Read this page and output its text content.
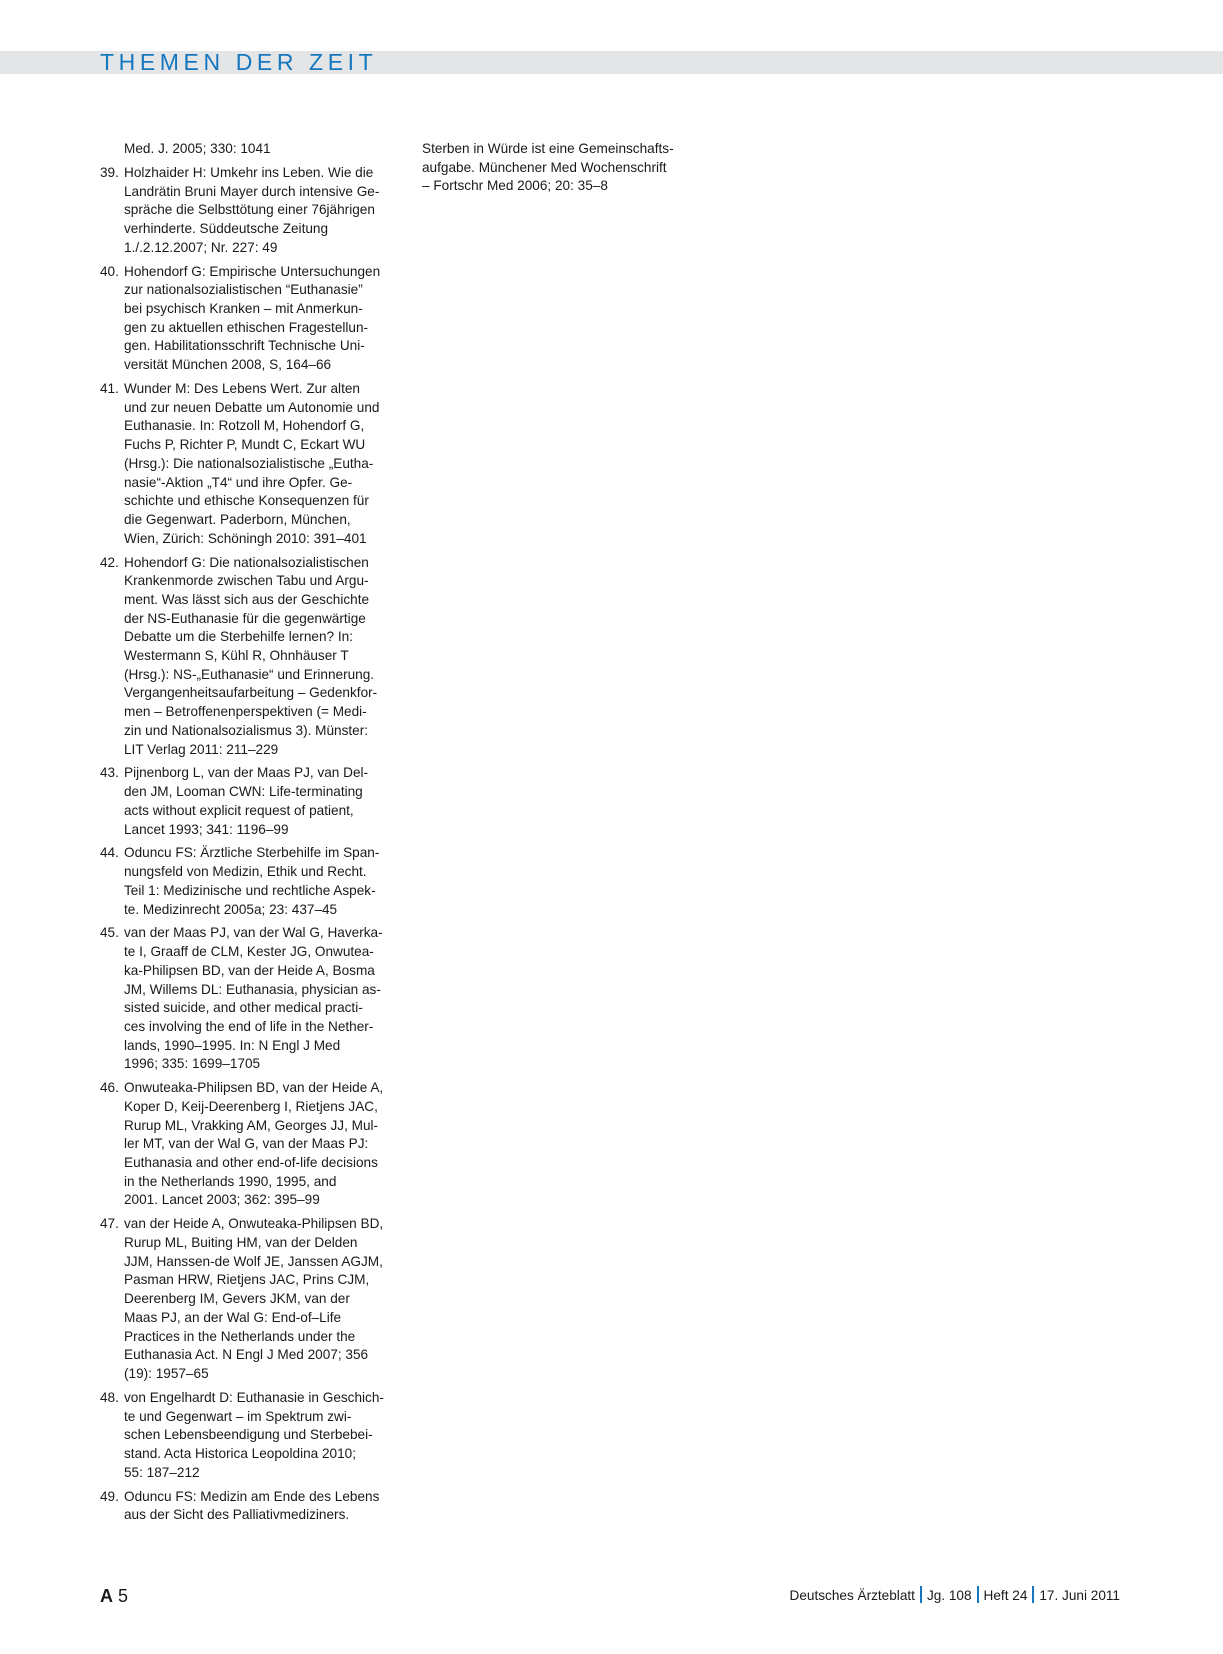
THEMEN DER ZEIT
Med. J. 2005; 330: 1041
39. Holzhaider H: Umkehr ins Leben. Wie die
Landrätin Bruni Mayer durch intensive Ge-
spräche die Selbsttötung einer 76jährigen
verhinderte. Süddeutsche Zeitung
1./.2.12.2007; Nr. 227: 49
40. Hohendorf G: Empirische Untersuchungen
zur nationalsozialistischen “Euthanasie”
bei psychisch Kranken – mit Anmerkun-
gen zu aktuellen ethischen Fragestellun-
gen. Habilitationsschrift Technische Uni-
versität München 2008, S, 164–66
41. Wunder M: Des Lebens Wert. Zur alten
und zur neuen Debatte um Autonomie und
Euthanasie. In: Rotzoll M, Hohendorf G,
Fuchs P, Richter P, Mundt C, Eckart WU
(Hrsg.): Die nationalsozialistische „Eutha-
nasie“-Aktion „T4“ und ihre Opfer. Ge-
schichte und ethische Konsequenzen für
die Gegenwart. Paderborn, München,
Wien, Zürich: Schöningh 2010: 391–401
42. Hohendorf G: Die nationalsozialistischen
Krankenmorde zwischen Tabu und Argu-
ment. Was lässt sich aus der Geschichte
der NS-Euthanasie für die gegenwärtige
Debatte um die Sterbehilfe lernen? In:
Westermann S, Kühl R, Ohnhäuser T
(Hrsg.): NS-„Euthanasie“ und Erinnerung.
Vergangenheitsaufarbeitung – Gedenkfor-
men – Betroffenenperspektiven (= Medi-
zin und Nationalsozialismus 3). Münster:
LIT Verlag 2011: 211–229
43. Pijnenborg L, van der Maas PJ, van Del-
den JM, Looman CWN: Life-terminating
acts without explicit request of patient,
Lancet 1993; 341: 1196–99
44. Oduncu FS: Ärztliche Sterbehilfe im Span-
nungsfeld von Medizin, Ethik und Recht.
Teil 1: Medizinische und rechtliche Aspek-
te. Medizinrecht 2005a; 23: 437–45
45. van der Maas PJ, van der Wal G, Haverka-
te I, Graaff de CLM, Kester JG, Onwutea-
ka-Philipsen BD, van der Heide A, Bosma
JM, Willems DL: Euthanasia, physician as-
sisted suicide, and other medical practi-
ces involving the end of life in the Nether-
lands, 1990–1995. In: N Engl J Med
1996; 335: 1699–1705
46. Onwuteaka-Philipsen BD, van der Heide A,
Koper D, Keij-Deerenberg I, Rietjens JAC,
Rurup ML, Vrakking AM, Georges JJ, Mul-
ler MT, van der Wal G, van der Maas PJ:
Euthanasia and other end-of-life decisions
in the Netherlands 1990, 1995, and
2001. Lancet 2003; 362: 395–99
47. van der Heide A, Onwuteaka-Philipsen BD,
Rurup ML, Buiting HM, van der Delden
JJM, Hanssen-de Wolf JE, Janssen AGJM,
Pasman HRW, Rietjens JAC, Prins CJM,
Deerenberg IM, Gevers JKM, van der
Maas PJ, an der Wal G: End-of–Life
Practices in the Netherlands under the
Euthanasia Act. N Engl J Med 2007; 356
(19): 1957–65
48. von Engelhardt D: Euthanasie in Geschich-
te und Gegenwart – im Spektrum zwi-
schen Lebensbeendigung und Sterbebei-
stand. Acta Historica Leopoldina 2010;
55: 187–212
49. Oduncu FS: Medizin am Ende des Lebens
aus der Sicht des Palliativmediziners.
Sterben in Würde ist eine Gemeinschafts-
aufgabe. Münchener Med Wochenschrift
– Fortschr Med 2006; 20: 35–8
A 5	Deutsches Ärzteblatt Jg. 108 Heft 24 17. Juni 2011
